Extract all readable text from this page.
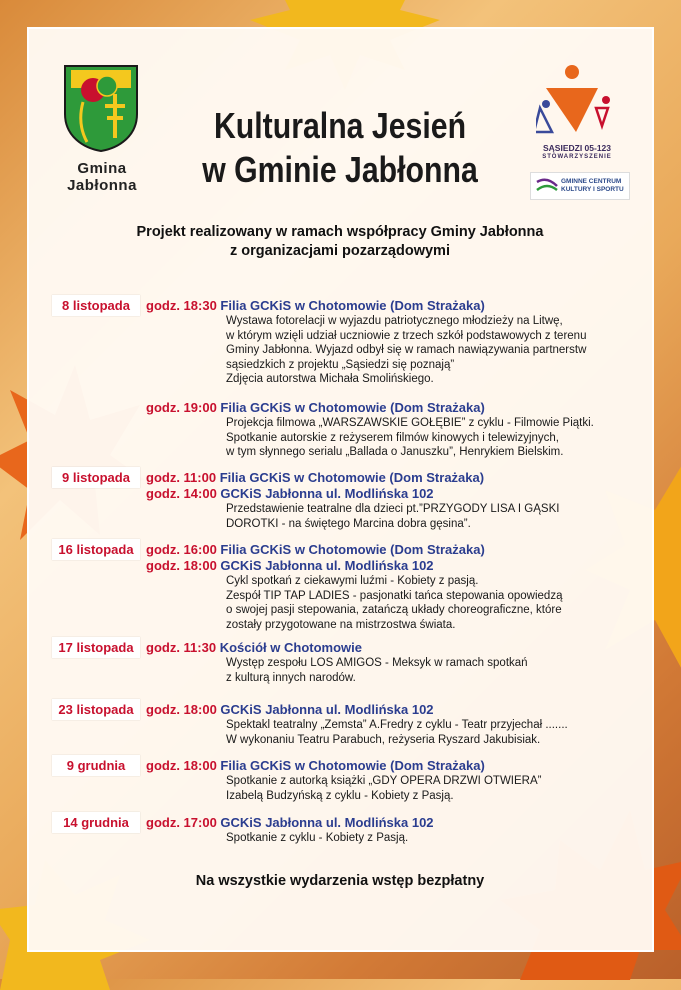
Gmina
Jabłonna
Kulturalna Jesień
w Gminie Jabłonna
SĄSIEDZI 05-123
STOWARZYSZENIE
GMINNE CENTRUM
KULTURY I SPORTU
Projekt realizowany w ramach współpracy Gminy Jabłonna
z organizacjami pozarządowymi
8 listopada	godz. 18:30 Filia GCKiS w Chotomowie (Dom Strażaka)
Wystawa fotorelacji w wyjazdu patriotycznego młodzieży na Litwę,
w którym wzięli udział uczniowie z trzech szkół podstawowych z terenu
Gminy Jabłonna. Wyjazd odbył się w ramach nawiązywania partnerstw
sąsiedzkich z projektu „Sąsiedzi się poznają”
Zdjęcia autorstwa Michała Smolińskiego.
godz. 19:00 Filia GCKiS w Chotomowie (Dom Strażaka)
Projekcja filmowa „WARSZAWSKIE GOŁĘBIE” z cyklu - Filmowie Piątki.
Spotkanie autorskie z reżyserem filmów kinowych i telewizyjnych,
w tym słynnego serialu „Ballada o Januszku”, Henrykiem Bielskim.
9 listopada	godz. 11:00 Filia GCKiS w Chotomowie (Dom Strażaka)
godz. 14:00 GCKiS Jabłonna ul. Modlińska 102
Przedstawienie teatralne dla dzieci pt.”PRZYGODY LISA I GĄSKI
DOROTKI - na świętego Marcina dobra gęsina”.
16 listopada godz. 16:00 Filia GCKiS w Chotomowie (Dom Strażaka)
godz. 18:00 GCKiS Jabłonna ul. Modlińska 102
Cykl spotkań z ciekawymi luźmi - Kobiety z pasją.
Zespół TIP TAP LADIES - pasjonatki tańca stepowania opowiedzą
o swojej pasji stepowania, zatańczą układy choreograficzne, które
zostały przygotowane na mistrzostwa świata.
17 listopada godz. 11:30 Kościół w Chotomowie
Występ zespołu LOS AMIGOS - Meksyk w ramach spotkań
z kulturą innych narodów.
23 listopada godz. 18:00 GCKiS Jabłonna ul. Modlińska 102
Spektakl teatralny „Zemsta” A.Fredry z cyklu - Teatr przyjechał .......
W wykonaniu Teatru Parabuch, reżyseria Ryszard Jakubisiak.
9 grudnia	godz. 18:00 Filia GCKiS w Chotomowie (Dom Strażaka)
Spotkanie z autorką książki „GDY OPERA DRZWI OTWIERA”
Izabelą Budzyńską z cyklu - Kobiety z Pasją.
14 grudnia	godz. 17:00 GCKiS Jabłonna ul. Modlińska 102
Spotkanie z cyklu - Kobiety z Pasją.
Na wszystkie wydarzenia wstęp bezpłatny
